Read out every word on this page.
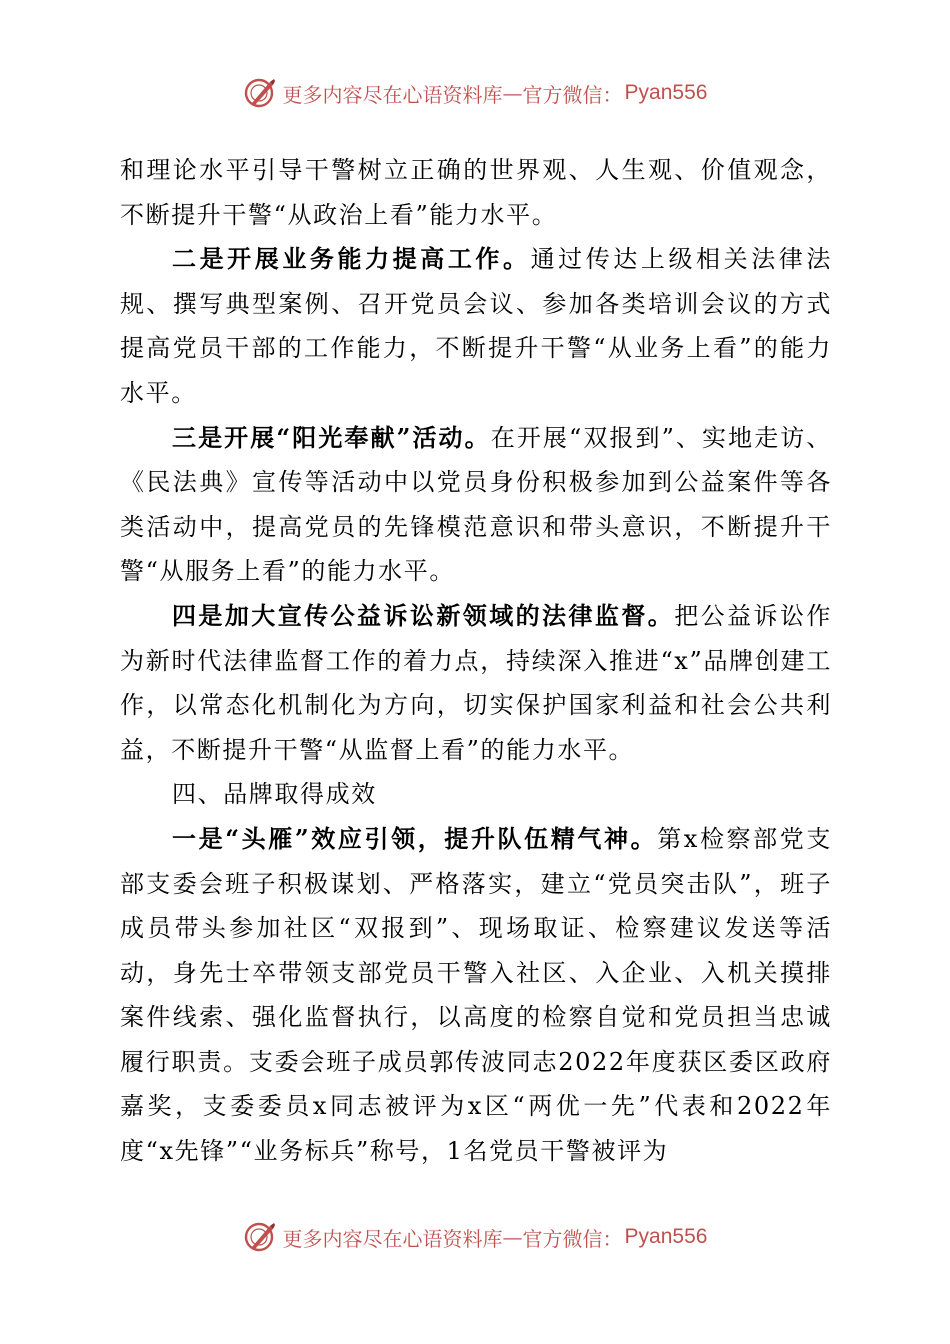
更多内容尽在心语资料库 — 官方微信： Pyan556

和理论水平引导干警树立正确的世界观、人生观、价值观念，不断提升干警“从政治上看”能力水平。

二是开展业务能力提高工作。通过传达上级相关法律法规、撰写典型案例、召开党员会议、参加各类培训会议的方式提高党员干部的工作能力，不断提升干警“从业务上看”的能力水平。

三是开展“阳光奉献”活动。在开展“双报到”、实地走访、《民法典》宣传等活动中以党员身份积极参加到公益案件等各类活动中，提高党员的先锋模范意识和带头意识，不断提升干警“从服务上看”的能力水平。

四是加大宣传公益诉讼新领域的法律监督。把公益诉讼作为新时代法律监督工作的着力点，持续深入推进“x”品牌创建工作，以常态化机制化为方向，切实保护国家利益和社会公共利益，不断提升干警“从监督上看”的能力水平。

四、品牌取得成效

一是“头雁”效应引领，提升队伍精气神。第x检察部党支部支委会班子积极谋划、严格落实，建立“党员突击队”，班子成员带头参加社区“双报到”、现场取证、检察建议发送等活动，身先士卒带领支部党员干警入社区、入企业、入机关摸排案件线索、强化监督执行，以高度的检察自觉和党员担当忠诚履行职责。支委会班子成员郭传波同志2022年度获区委区政府嘉奖，支委委员x同志被评为x区“两优一先”代表和2022年度“x先锋”“业务标兵”称号，1名党员干警被评为

更多内容尽在心语资料库 — 官方微信： Pyan556
